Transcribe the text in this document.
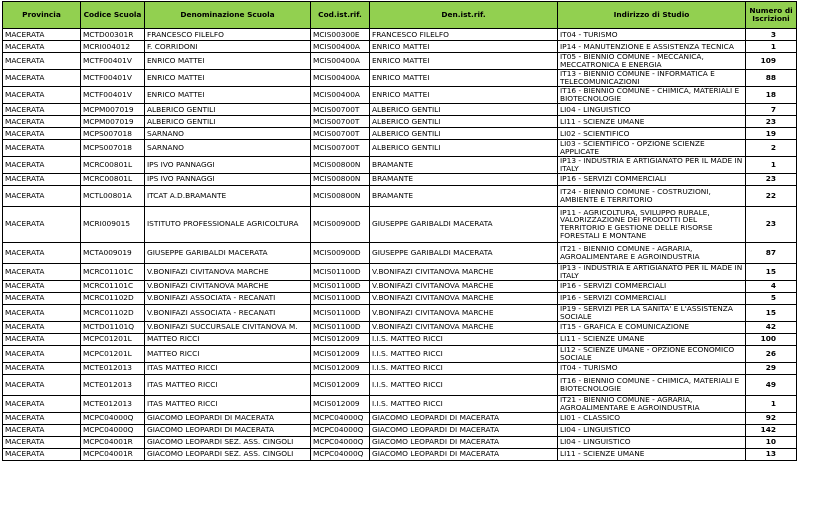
Provincia	Codice Scuola	Denominazione Scuola	Cod.ist.rif.	Den.ist.rif.	Indirizzo di Studio	Numero di Iscrizioni
MACERATA	MCTD00301R	FRANCESCO FILELFO	MCIS00300E	FRANCESCO FILELFO	IT04 - TURISMO	3
MACERATA	MCRI004012	F. CORRIDONI	MCIS00400A	ENRICO MATTEI	IP14 - MANUTENZIONE E ASSISTENZA TECNICA	1
MACERATA	MCTF00401V	ENRICO MATTEI	MCIS00400A	ENRICO MATTEI	IT05 - BIENNIO COMUNE - MECCANICA, MECCATRONICA E ENERGIA	109
MACERATA	MCTF00401V	ENRICO MATTEI	MCIS00400A	ENRICO MATTEI	IT13 - BIENNIO COMUNE - INFORMATICA E TELECOMUNICAZIONI	88
MACERATA	MCTF00401V	ENRICO MATTEI	MCIS00400A	ENRICO MATTEI	IT16 - BIENNIO COMUNE - CHIMICA, MATERIALI E BIOTECNOLOGIE	18
MACERATA	MCPM007019	ALBERICO GENTILI	MCIS00700T	ALBERICO GENTILI	LI04 - LINGUISTICO	7
MACERATA	MCPM007019	ALBERICO GENTILI	MCIS00700T	ALBERICO GENTILI	LI11 - SCIENZE UMANE	23
MACERATA	MCPS007018	SARNANO	MCIS00700T	ALBERICO GENTILI	LI02 - SCIENTIFICO	19
MACERATA	MCPS007018	SARNANO	MCIS00700T	ALBERICO GENTILI	LI03 - SCIENTIFICO - OPZIONE SCIENZE APPLICATE	2
MACERATA	MCRC00801L	IPS IVO PANNAGGI	MCIS00800N	BRAMANTE	IP13 - INDUSTRIA E ARTIGIANATO PER IL MADE IN ITALY	1
MACERATA	MCRC00801L	IPS IVO PANNAGGI	MCIS00800N	BRAMANTE	IP16 - SERVIZI COMMERCIALI	23
MACERATA	MCTL00801A	ITCAT A.D.BRAMANTE	MCIS00800N	BRAMANTE	IT24 - BIENNIO COMUNE - COSTRUZIONI, AMBIENTE E TERRITORIO	22
MACERATA	MCRI009015	ISTITUTO PROFESSIONALE AGRICOLTURA	MCIS00900D	GIUSEPPE GARIBALDI MACERATA	IP11 - AGRICOLTURA, SVILUPPO RURALE, VALORIZZAZIONE DEI PRODOTTI DEL TERRITORIO E GESTIONE DELLE RISORSE FORESTALI E MONTANE	23
MACERATA	MCTA009019	GIUSEPPE GARIBALDI MACERATA	MCIS00900D	GIUSEPPE GARIBALDI MACERATA	IT21 - BIENNIO COMUNE - AGRARIA, AGROALIMENTARE E AGROINDUSTRIA	87
MACERATA	MCRC01101C	V.BONIFAZI CIVITANOVA MARCHE	MCIS01100D	V.BONIFAZI CIVITANOVA MARCHE	IP13 - INDUSTRIA E ARTIGIANATO PER IL MADE IN ITALY	15
MACERATA	MCRC01101C	V.BONIFAZI CIVITANOVA MARCHE	MCIS01100D	V.BONIFAZI CIVITANOVA MARCHE	IP16 - SERVIZI COMMERCIALI	4
MACERATA	MCRC01102D	V.BONIFAZI ASSOCIATA - RECANATI	MCIS01100D	V.BONIFAZI CIVITANOVA MARCHE	IP16 - SERVIZI COMMERCIALI	5
MACERATA	MCRC01102D	V.BONIFAZI ASSOCIATA - RECANATI	MCIS01100D	V.BONIFAZI CIVITANOVA MARCHE	IP19 - SERVIZI PER LA SANITA' E L'ASSISTENZA SOCIALE	15
MACERATA	MCTD01101Q	V.BONIFAZI SUCCURSALE CIVITANOVA M.	MCIS01100D	V.BONIFAZI CIVITANOVA MARCHE	IT15 - GRAFICA E COMUNICAZIONE	42
MACERATA	MCPC01201L	MATTEO RICCI	MCIS012009	I.I.S. MATTEO RICCI	LI11 - SCIENZE UMANE	100
MACERATA	MCPC01201L	MATTEO RICCI	MCIS012009	I.I.S. MATTEO RICCI	LI12 - SCIENZE UMANE - OPZIONE ECONOMICO SOCIALE	26
MACERATA	MCTE012013	ITAS MATTEO RICCI	MCIS012009	I.I.S. MATTEO RICCI	IT04 - TURISMO	29
MACERATA	MCTE012013	ITAS MATTEO RICCI	MCIS012009	I.I.S. MATTEO RICCI	IT16 - BIENNIO COMUNE - CHIMICA, MATERIALI E BIOTECNOLOGIE	49
MACERATA	MCTE012013	ITAS MATTEO RICCI	MCIS012009	I.I.S. MATTEO RICCI	IT21 - BIENNIO COMUNE - AGRARIA, AGROALIMENTARE E AGROINDUSTRIA	1
MACERATA	MCPC04000Q	GIACOMO LEOPARDI DI MACERATA	MCPC04000Q	GIACOMO LEOPARDI DI MACERATA	LI01 - CLASSICO	92
MACERATA	MCPC04000Q	GIACOMO LEOPARDI DI MACERATA	MCPC04000Q	GIACOMO LEOPARDI DI MACERATA	LI04 - LINGUISTICO	142
MACERATA	MCPC04001R	GIACOMO LEOPARDI SEZ. ASS. CINGOLI	MCPC04000Q	GIACOMO LEOPARDI DI MACERATA	LI04 - LINGUISTICO	10
MACERATA	MCPC04001R	GIACOMO LEOPARDI SEZ. ASS. CINGOLI	MCPC04000Q	GIACOMO LEOPARDI DI MACERATA	LI11 - SCIENZE UMANE	13
